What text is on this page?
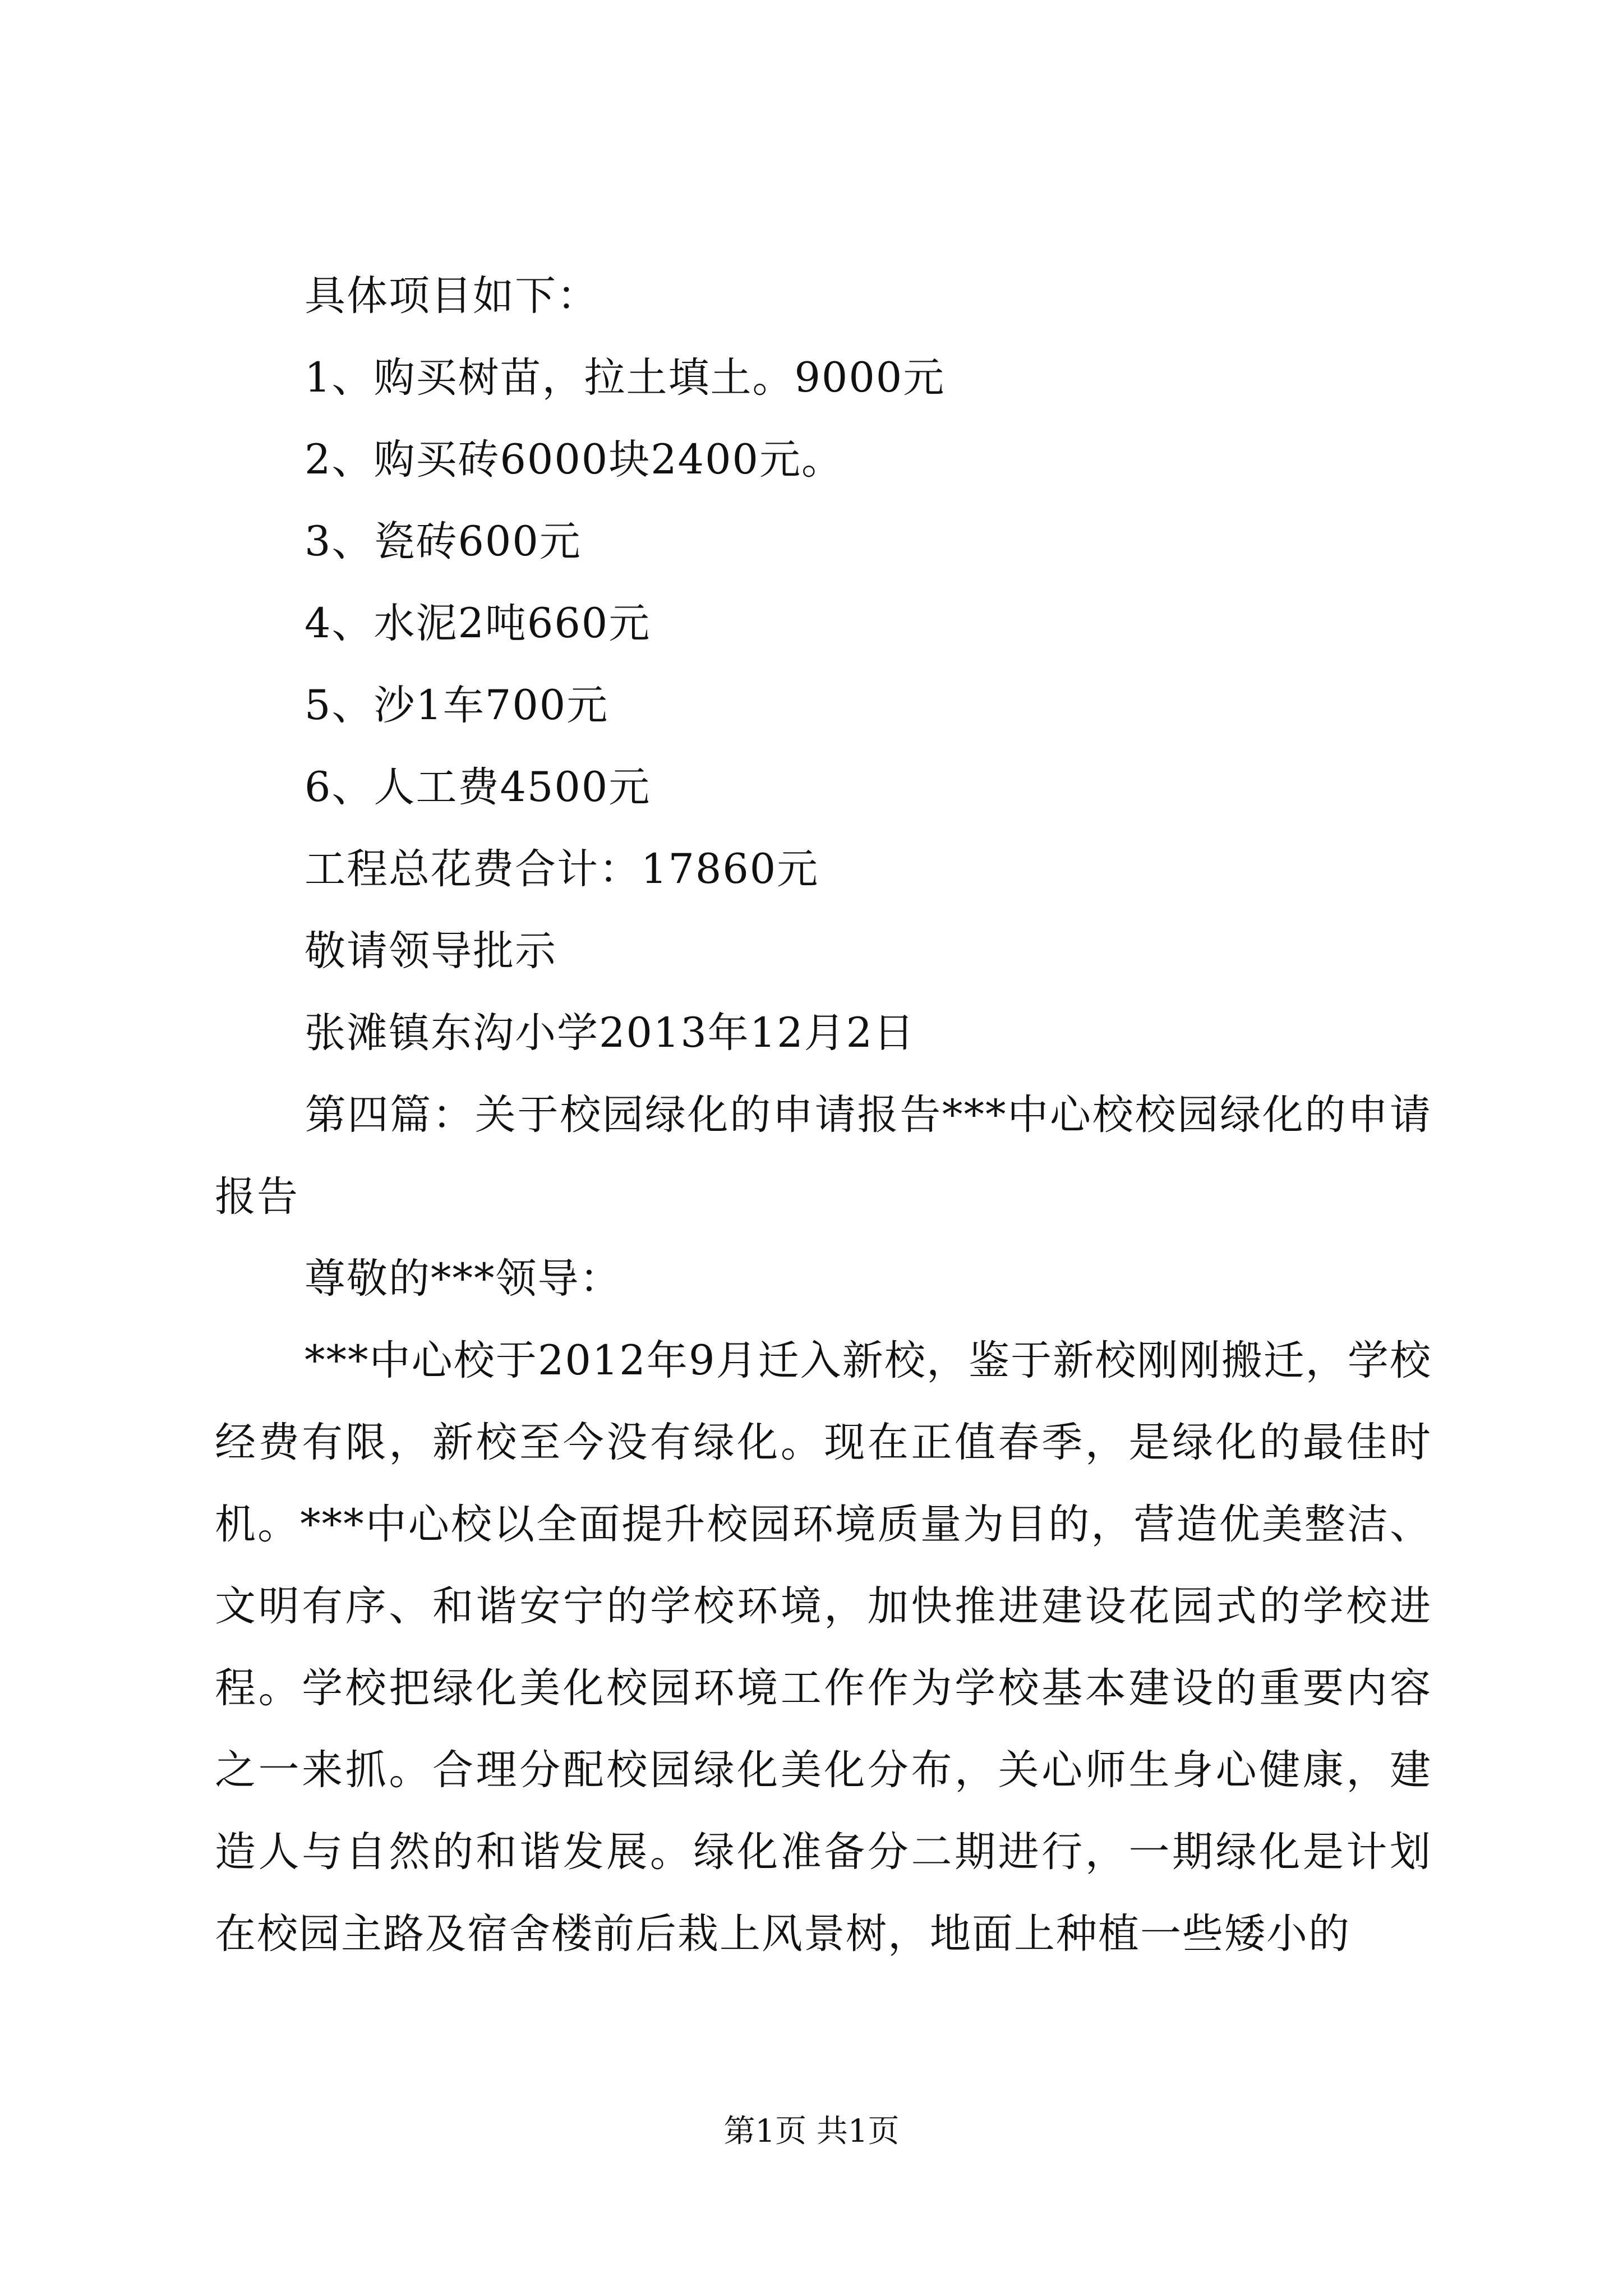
具体项目如下：
1、购买树苗，拉土填土。9000元
2、购买砖6000块2400元。
3、瓷砖600元
4、水泥2吨660元
5、沙1车700元
6、人工费4500元
工程总花费合计：17860元
敬请领导批示
张滩镇东沟小学2013年12月2日
第四篇：关于校园绿化的申请报告***中心校校园绿化的申请报告
尊敬的***领导：
***中心校于2012年9月迁入新校，鉴于新校刚刚搬迁，学校经费有限，新校至今没有绿化。现在正值春季，是绿化的最佳时机。***中心校以全面提升校园环境质量为目的，营造优美整洁、文明有序、和谐安宁的学校环境，加快推进建设花园式的学校进程。学校把绿化美化校园环境工作作为学校基本建设的重要内容之一来抓。合理分配校园绿化美化分布，关心师生身心健康，建造人与自然的和谐发展。绿化准备分二期进行，一期绿化是计划在校园主路及宿舍楼前后栽上风景树，地面上种植一些矮小的
第1页 共1页
